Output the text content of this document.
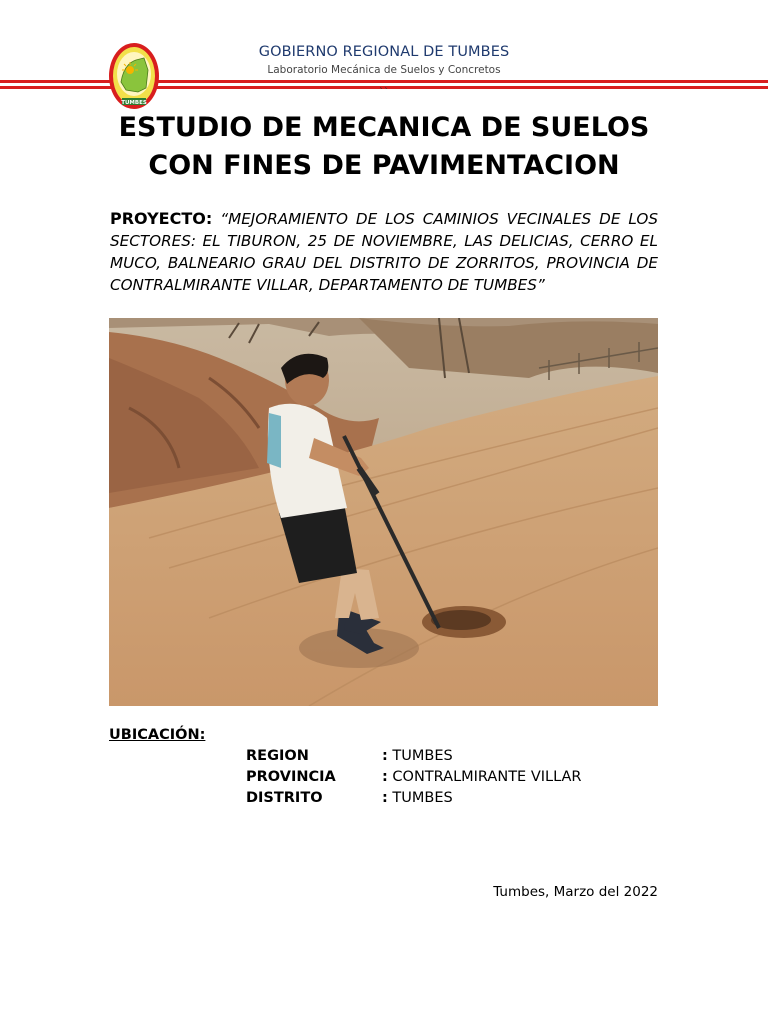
TUMBES
GOBIERNO REGIONAL DE TUMBES
Laboratorio Mecánica de Suelos y Concretos
``
ESTUDIO DE MECANICA DE SUELOS
CON FINES DE PAVIMENTACION
PROYECTO: “MEJORAMIENTO DE LOS CAMINIOS VECINALES DE LOS SECTORES: EL TIBURON, 25 DE NOVIEMBRE, LAS DELICIAS, CERRO EL MUCO, BALNEARIO GRAU DEL DISTRITO DE ZORRITOS, PROVINCIA DE CONTRALMIRANTE VILLAR, DEPARTAMENTO DE TUMBES”
UBICACIÓN:
REGION	: TUMBES
PROVINCIA	: CONTRALMIRANTE VILLAR
DISTRITO	: TUMBES
Tumbes, Marzo del 2022
